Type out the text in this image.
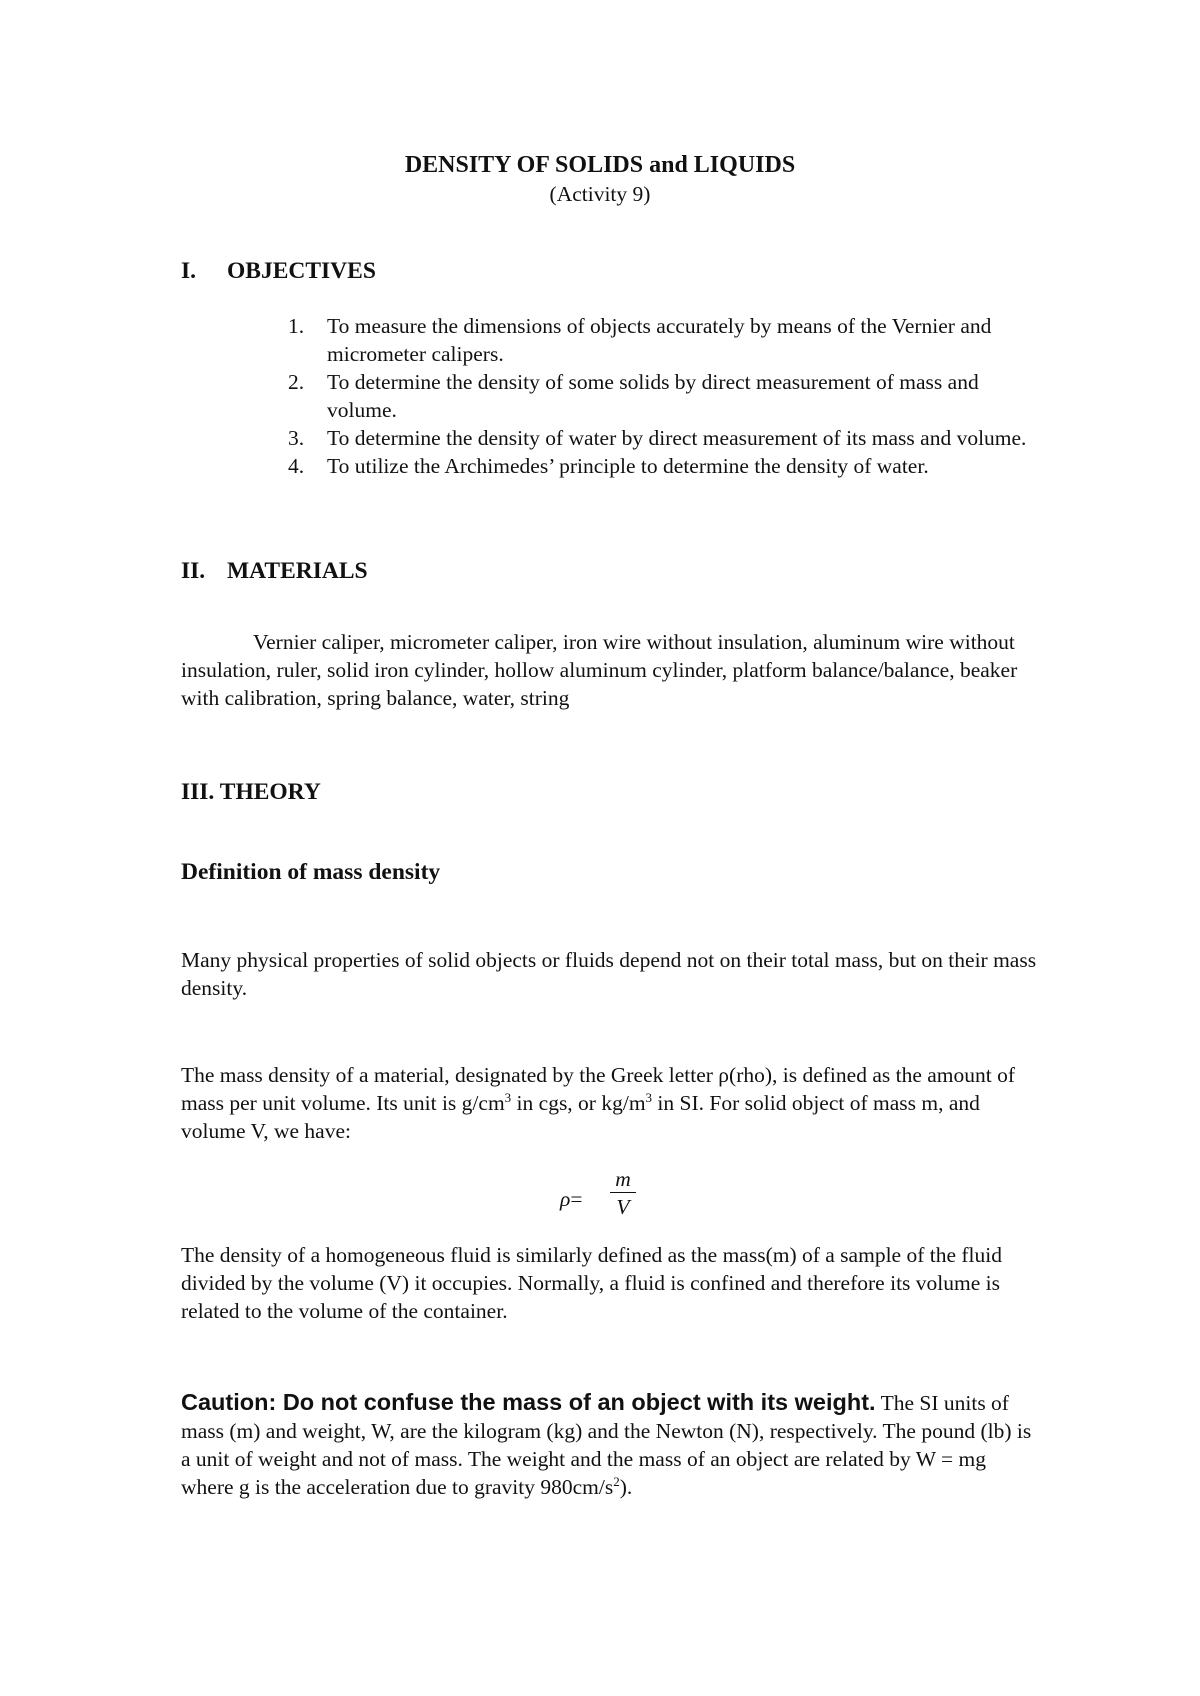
DENSITY OF SOLIDS and LIQUIDS
(Activity 9)
I. OBJECTIVES
1. To measure the dimensions of objects accurately by means of the Vernier and micrometer calipers.
2. To determine the density of some solids by direct measurement of mass and volume.
3. To determine the density of water by direct measurement of its mass and volume.
4. To utilize the Archimedes’ principle to determine the density of water.
II. MATERIALS
Vernier caliper, micrometer caliper, iron wire without insulation, aluminum wire without insulation, ruler, solid iron cylinder, hollow aluminum cylinder, platform balance/balance, beaker with calibration, spring balance, water, string
III. THEORY
Definition of mass density
Many physical properties of solid objects or fluids depend not on their total mass, but on their mass density.
The mass density of a material, designated by the Greek letter ρ(rho), is defined as the amount of mass per unit volume. Its unit is $g/cm^3$ in cgs, or $kg/m^3$ in SI. For solid object of mass m, and volume V, we have:
ρ=
m
V
The density of a homogeneous fluid is similarly defined as the mass(m) of a sample of the fluid divided by the volume (V) it occupies. Normally, a fluid is confined and therefore its volume is related to the volume of the container.
Caution: Do not confuse the mass of an object with its weight. The SI units of mass (m) and weight, W, are the kilogram (kg) and the Newton (N), respectively. The pound (lb) is a unit of weight and not of mass. The weight and the mass of an object are related by W = mg where g is the acceleration due to gravity $980cm/s^2$).
